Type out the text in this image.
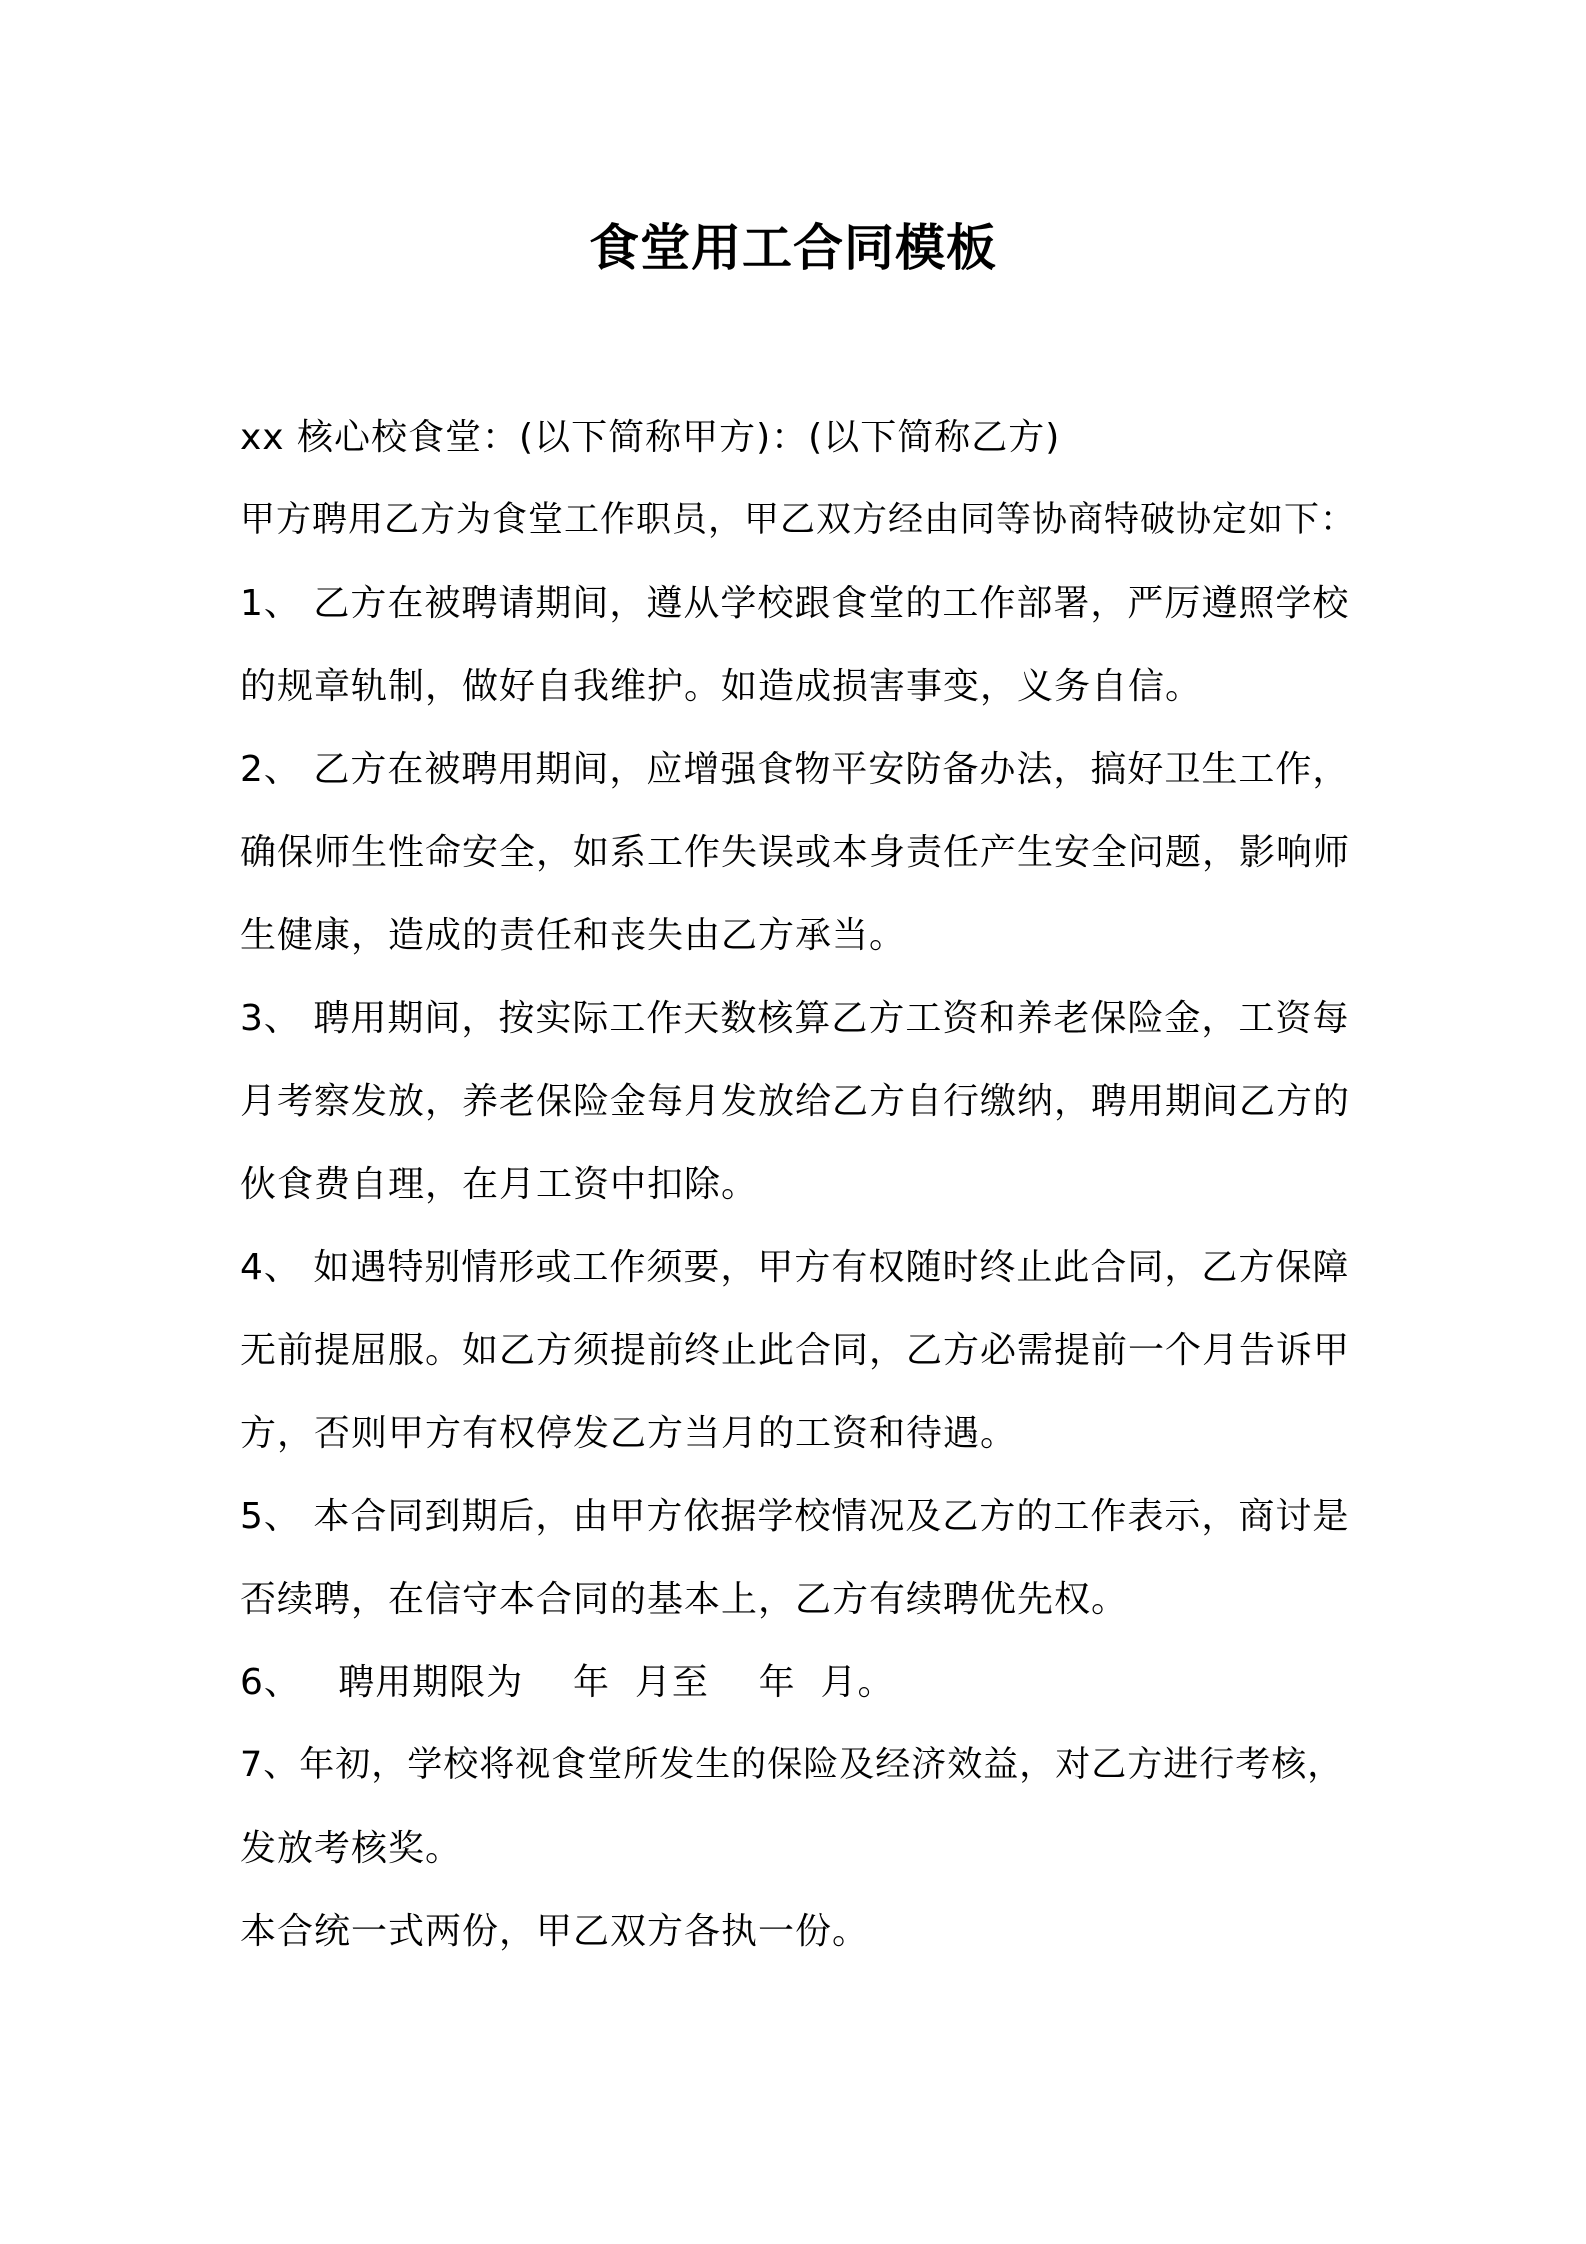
食堂用工合同模板
xx 核心校食堂：(以下简称甲方)：(以下简称乙方)
甲方聘用乙方为食堂工作职员，甲乙双方经由同等协商特破协定如下：
1、 乙方在被聘请期间，遵从学校跟食堂的工作部署，严厉遵照学校
的规章轨制，做好自我维护。如造成损害事变，义务自信。
2、 乙方在被聘用期间，应增强食物平安防备办法，搞好卫生工作，
确保师生性命安全，如系工作失误或本身责任产生安全问题，影响师
生健康，造成的责任和丧失由乙方承当。
3、 聘用期间，按实际工作天数核算乙方工资和养老保险金，工资每
月考察发放，养老保险金每月发放给乙方自行缴纳，聘用期间乙方的
伙食费自理，在月工资中扣除。
4、 如遇特别情形或工作须要，甲方有权随时终止此合同，乙方保障
无前提屈服。如乙方须提前终止此合同，乙方必需提前一个月告诉甲
方，否则甲方有权停发乙方当月的工资和待遇。
5、 本合同到期后，由甲方依据学校情况及乙方的工作表示，商讨是
否续聘，在信守本合同的基本上，乙方有续聘优先权。
6、   聘用期限为    年  月至    年  月。
7、年初，学校将视食堂所发生的保险及经济效益，对乙方进行考核，
发放考核奖。
本合统一式两份，甲乙双方各执一份。
